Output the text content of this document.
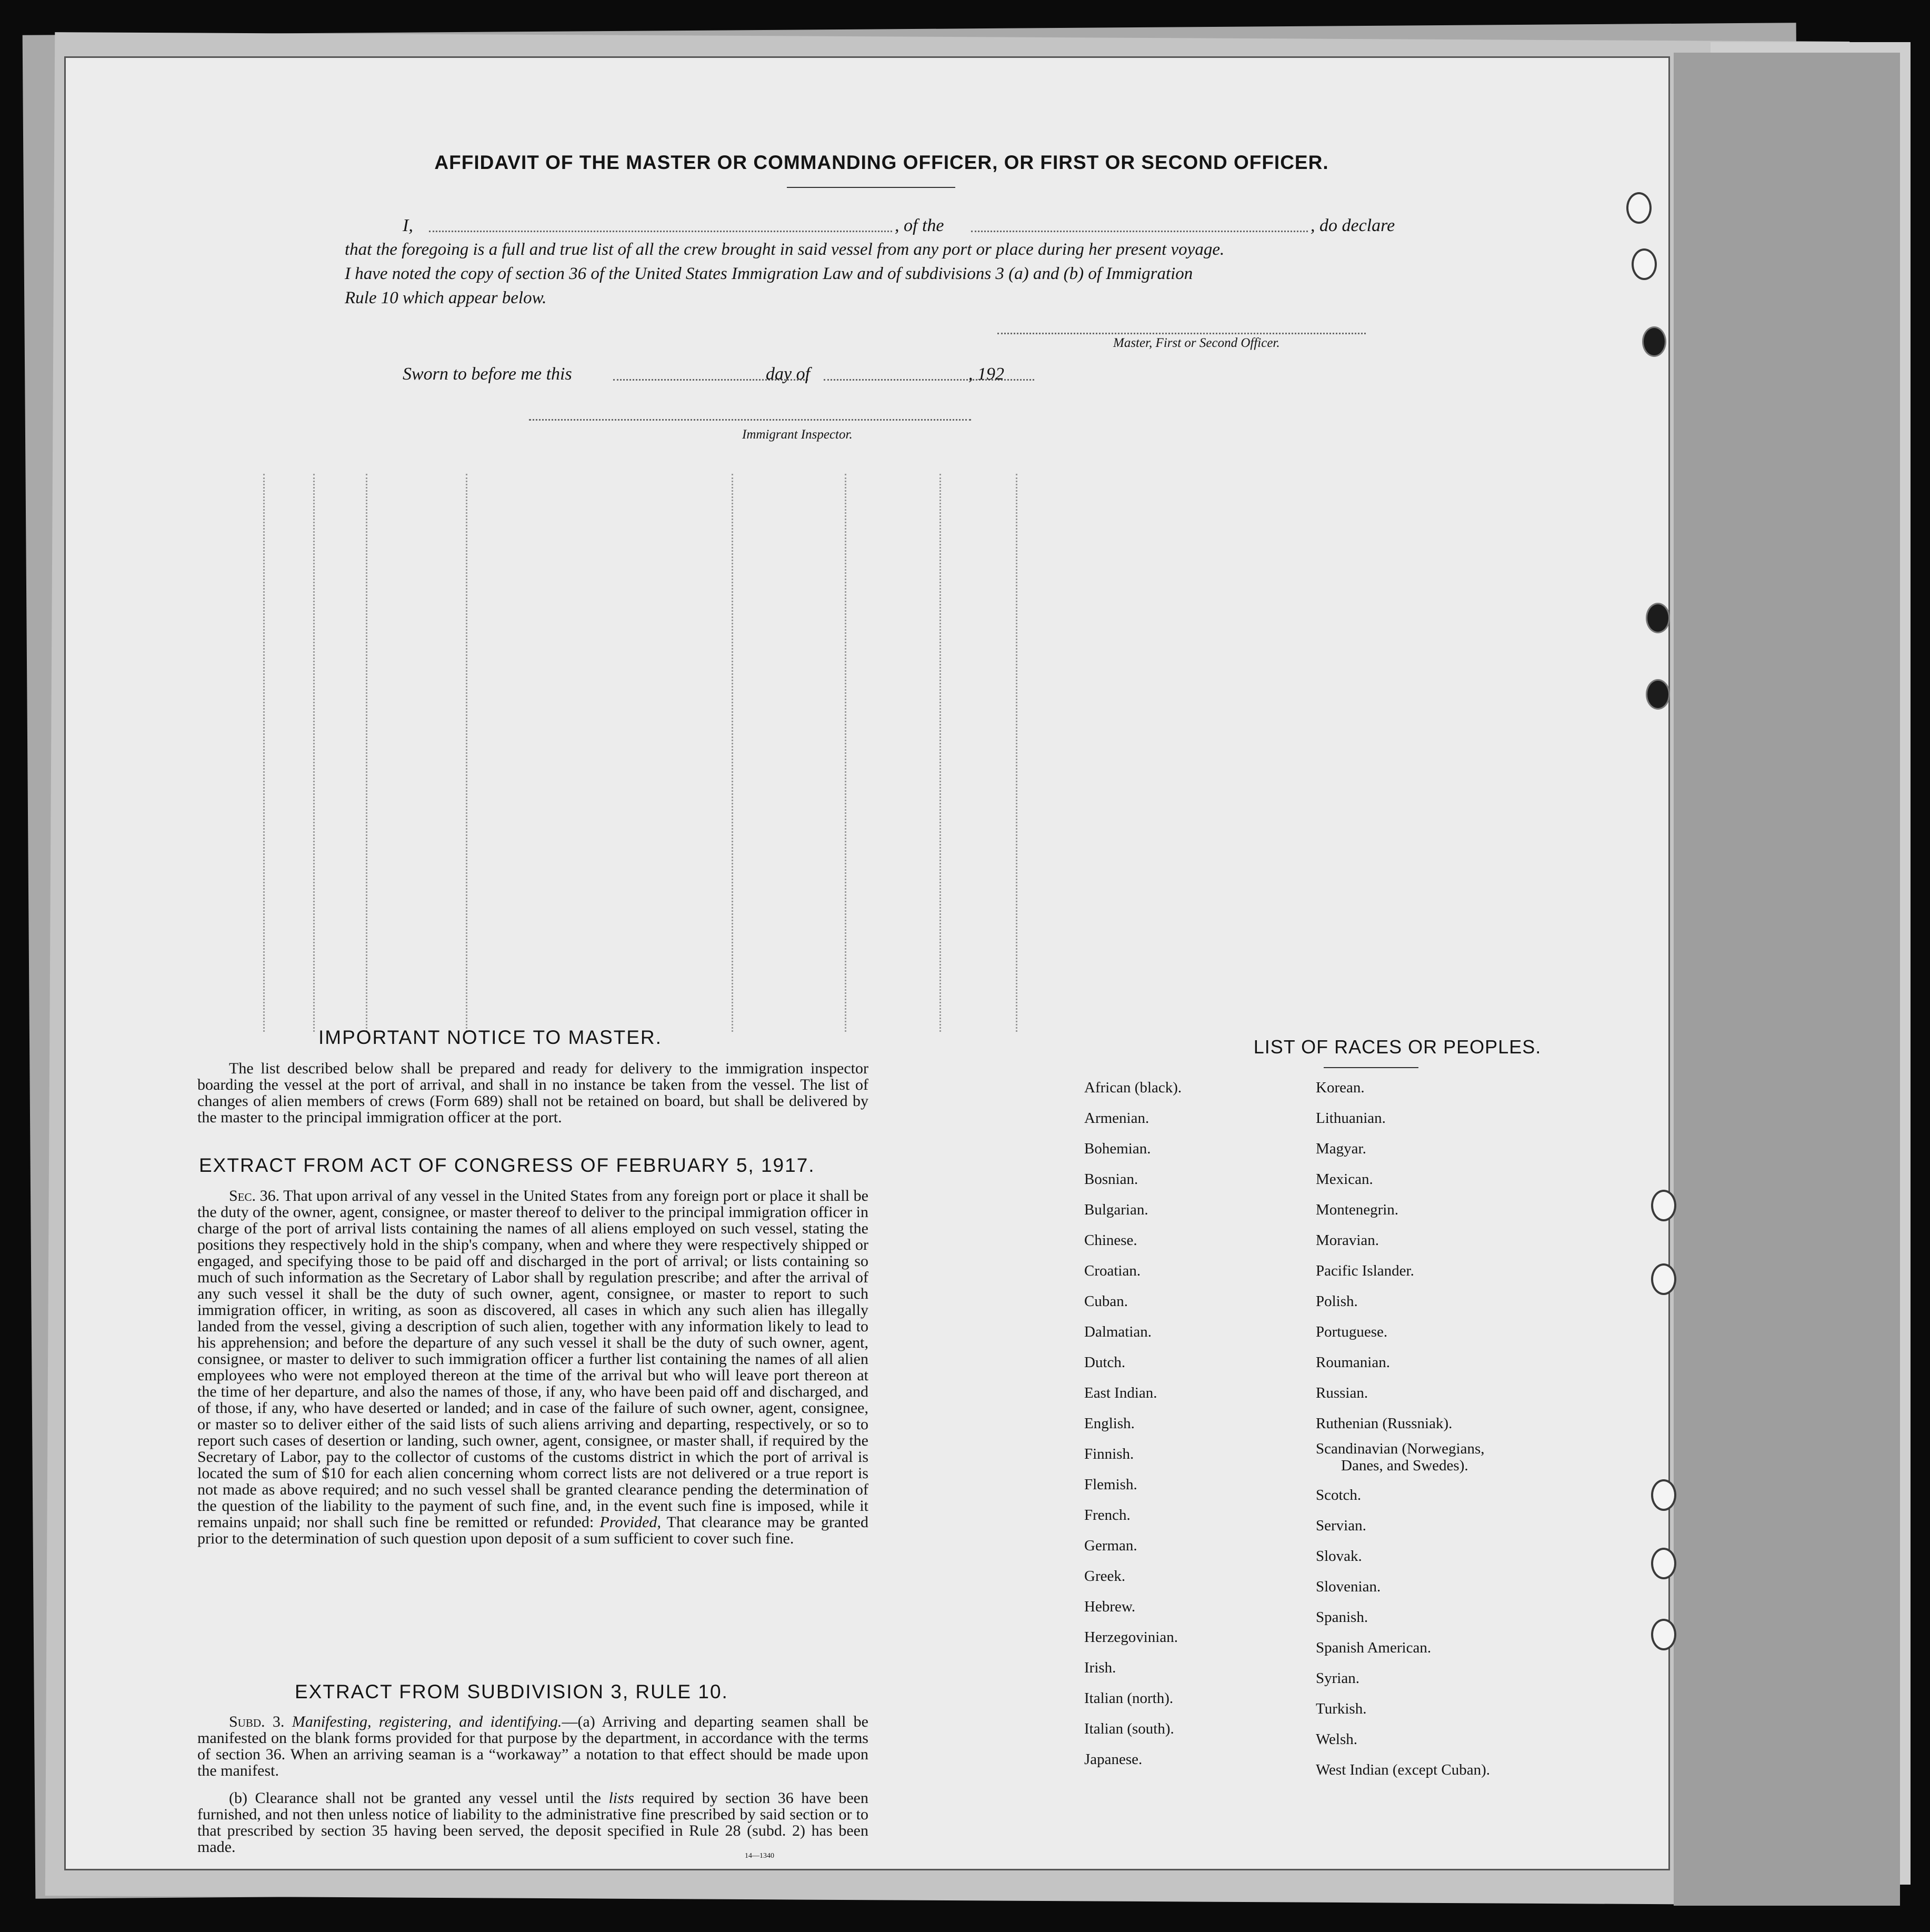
AFFIDAVIT OF THE MASTER OR COMMANDING OFFICER, OR FIRST OR SECOND OFFICER.
I,	, of the	, do declare
that the foregoing is a full and true list of all the crew brought in said vessel from any port or place during her present voyage.
I have noted the copy of section 36 of the United States Immigration Law and of subdivisions 3 (a) and (b) of Immigration
Rule 10 which appear below.
Master, First or Second Officer.
Sworn to before me this	day of	, 192
Immigrant Inspector.
IMPORTANT NOTICE TO MASTER.
The list described below shall be prepared and ready for delivery to the immigration inspector boarding the vessel at the port of arrival, and shall in no instance be taken from the vessel. The list of changes of alien members of crews (Form 689) shall not be retained on board, but shall be delivered by the master to the principal immigration officer at the port.
EXTRACT FROM ACT OF CONGRESS OF FEBRUARY 5, 1917.
Sec. 36. That upon arrival of any vessel in the United States from any foreign port or place it shall be the duty of the owner, agent, consignee, or master thereof to deliver to the principal immigration officer in charge of the port of arrival lists containing the names of all aliens employed on such vessel, stating the positions they respectively hold in the ship's company, when and where they were respectively shipped or engaged, and specifying those to be paid off and discharged in the port of arrival; or lists containing so much of such information as the Secretary of Labor shall by regulation prescribe; and after the arrival of any such vessel it shall be the duty of such owner, agent, consignee, or master to report to such immigration officer, in writing, as soon as discovered, all cases in which any such alien has illegally landed from the vessel, giving a description of such alien, together with any information likely to lead to his apprehension; and before the departure of any such vessel it shall be the duty of such owner, agent, consignee, or master to deliver to such immigration officer a further list containing the names of all alien employees who were not employed thereon at the time of the arrival but who will leave port thereon at the time of her departure, and also the names of those, if any, who have been paid off and discharged, and of those, if any, who have deserted or landed; and in case of the failure of such owner, agent, consignee, or master so to deliver either of the said lists of such aliens arriving and departing, respectively, or so to report such cases of desertion or landing, such owner, agent, consignee, or master shall, if required by the Secretary of Labor, pay to the collector of customs of the customs district in which the port of arrival is located the sum of $10 for each alien concerning whom correct lists are not delivered or a true report is not made as above required; and no such vessel shall be granted clearance pending the determination of the question of the liability to the payment of such fine, and, in the event such fine is imposed, while it remains unpaid; nor shall such fine be remitted or refunded: Provided, That clearance may be granted prior to the determination of such question upon deposit of a sum sufficient to cover such fine.
EXTRACT FROM SUBDIVISION 3, RULE 10.
Subd. 3. Manifesting, registering, and identifying.—(a) Arriving and departing seamen shall be manifested on the blank forms provided for that purpose by the department, in accordance with the terms of section 36. When an arriving seaman is a “workaway” a notation to that effect should be made upon the manifest.
(b) Clearance shall not be granted any vessel until the lists required by section 36 have been furnished, and not then unless notice of liability to the administrative fine prescribed by said section or to that prescribed by section 35 having been served, the deposit specified in Rule 28 (subd. 2) has been made.
14—1340
LIST OF RACES OR PEOPLES.
African (black).
Armenian.
Bohemian.
Bosnian.
Bulgarian.
Chinese.
Croatian.
Cuban.
Dalmatian.
Dutch.
East Indian.
English.
Finnish.
Flemish.
French.
German.
Greek.
Hebrew.
Herzegovinian.
Irish.
Italian (north).
Italian (south).
Japanese.
Korean.
Lithuanian.
Magyar.
Mexican.
Montenegrin.
Moravian.
Pacific Islander.
Polish.
Portuguese.
Roumanian.
Russian.
Ruthenian (Russniak).
Scandinavian (Norwegians,
Danes, and Swedes).
Scotch.
Servian.
Slovak.
Slovenian.
Spanish.
Spanish American.
Syrian.
Turkish.
Welsh.
West Indian (except Cuban).
